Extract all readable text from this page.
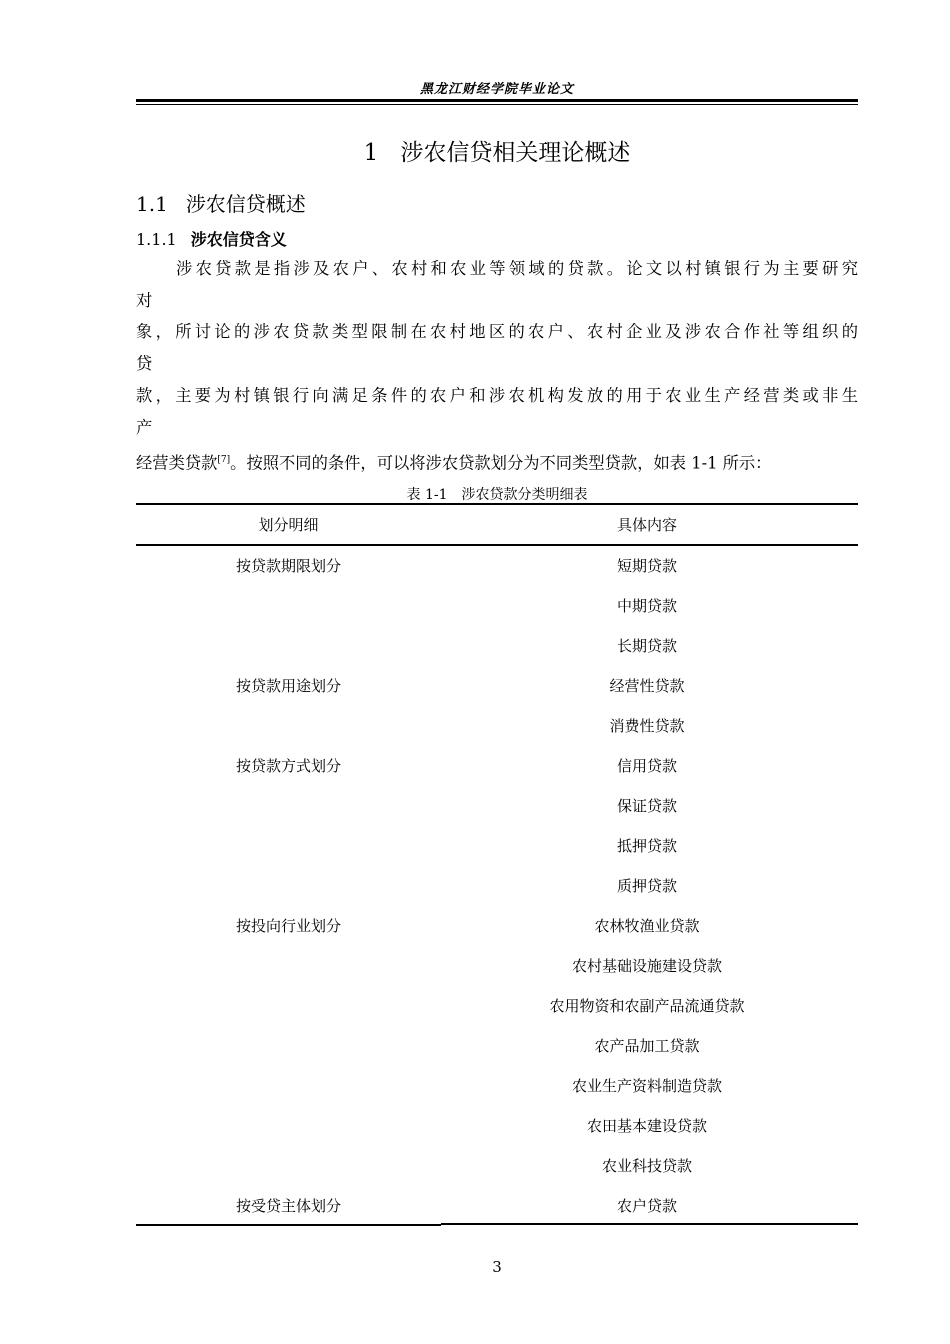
黑龙江财经学院毕业论文
1 涉农信贷相关理论概述
1.1 涉农信贷概述
1.1.1 涉农信贷含义
涉农贷款是指涉及农户、农村和农业等领域的贷款。论文以村镇银行为主要研究
对
象，所讨论的涉农贷款类型限制在农村地区的农户、农村企业及涉农合作社等组织的
贷
款，主要为村镇银行向满足条件的农户和涉农机构发放的用于农业生产经营类或非生
产
经营类贷款[7]。按照不同的条件，可以将涉农贷款划分为不同类型贷款，如表 1-1 所示：
表 1-1 涉农贷款分类明细表
划分明细	具体内容
按贷款期限划分	短期贷款
中期贷款
长期贷款
按贷款用途划分	经营性贷款
消费性贷款
按贷款方式划分	信用贷款
保证贷款
抵押贷款
质押贷款
按投向行业划分	农林牧渔业贷款
农村基础设施建设贷款
农用物资和农副产品流通贷款
农产品加工贷款
农业生产资料制造贷款
农田基本建设贷款
农业科技贷款
按受贷主体划分	农户贷款
3
